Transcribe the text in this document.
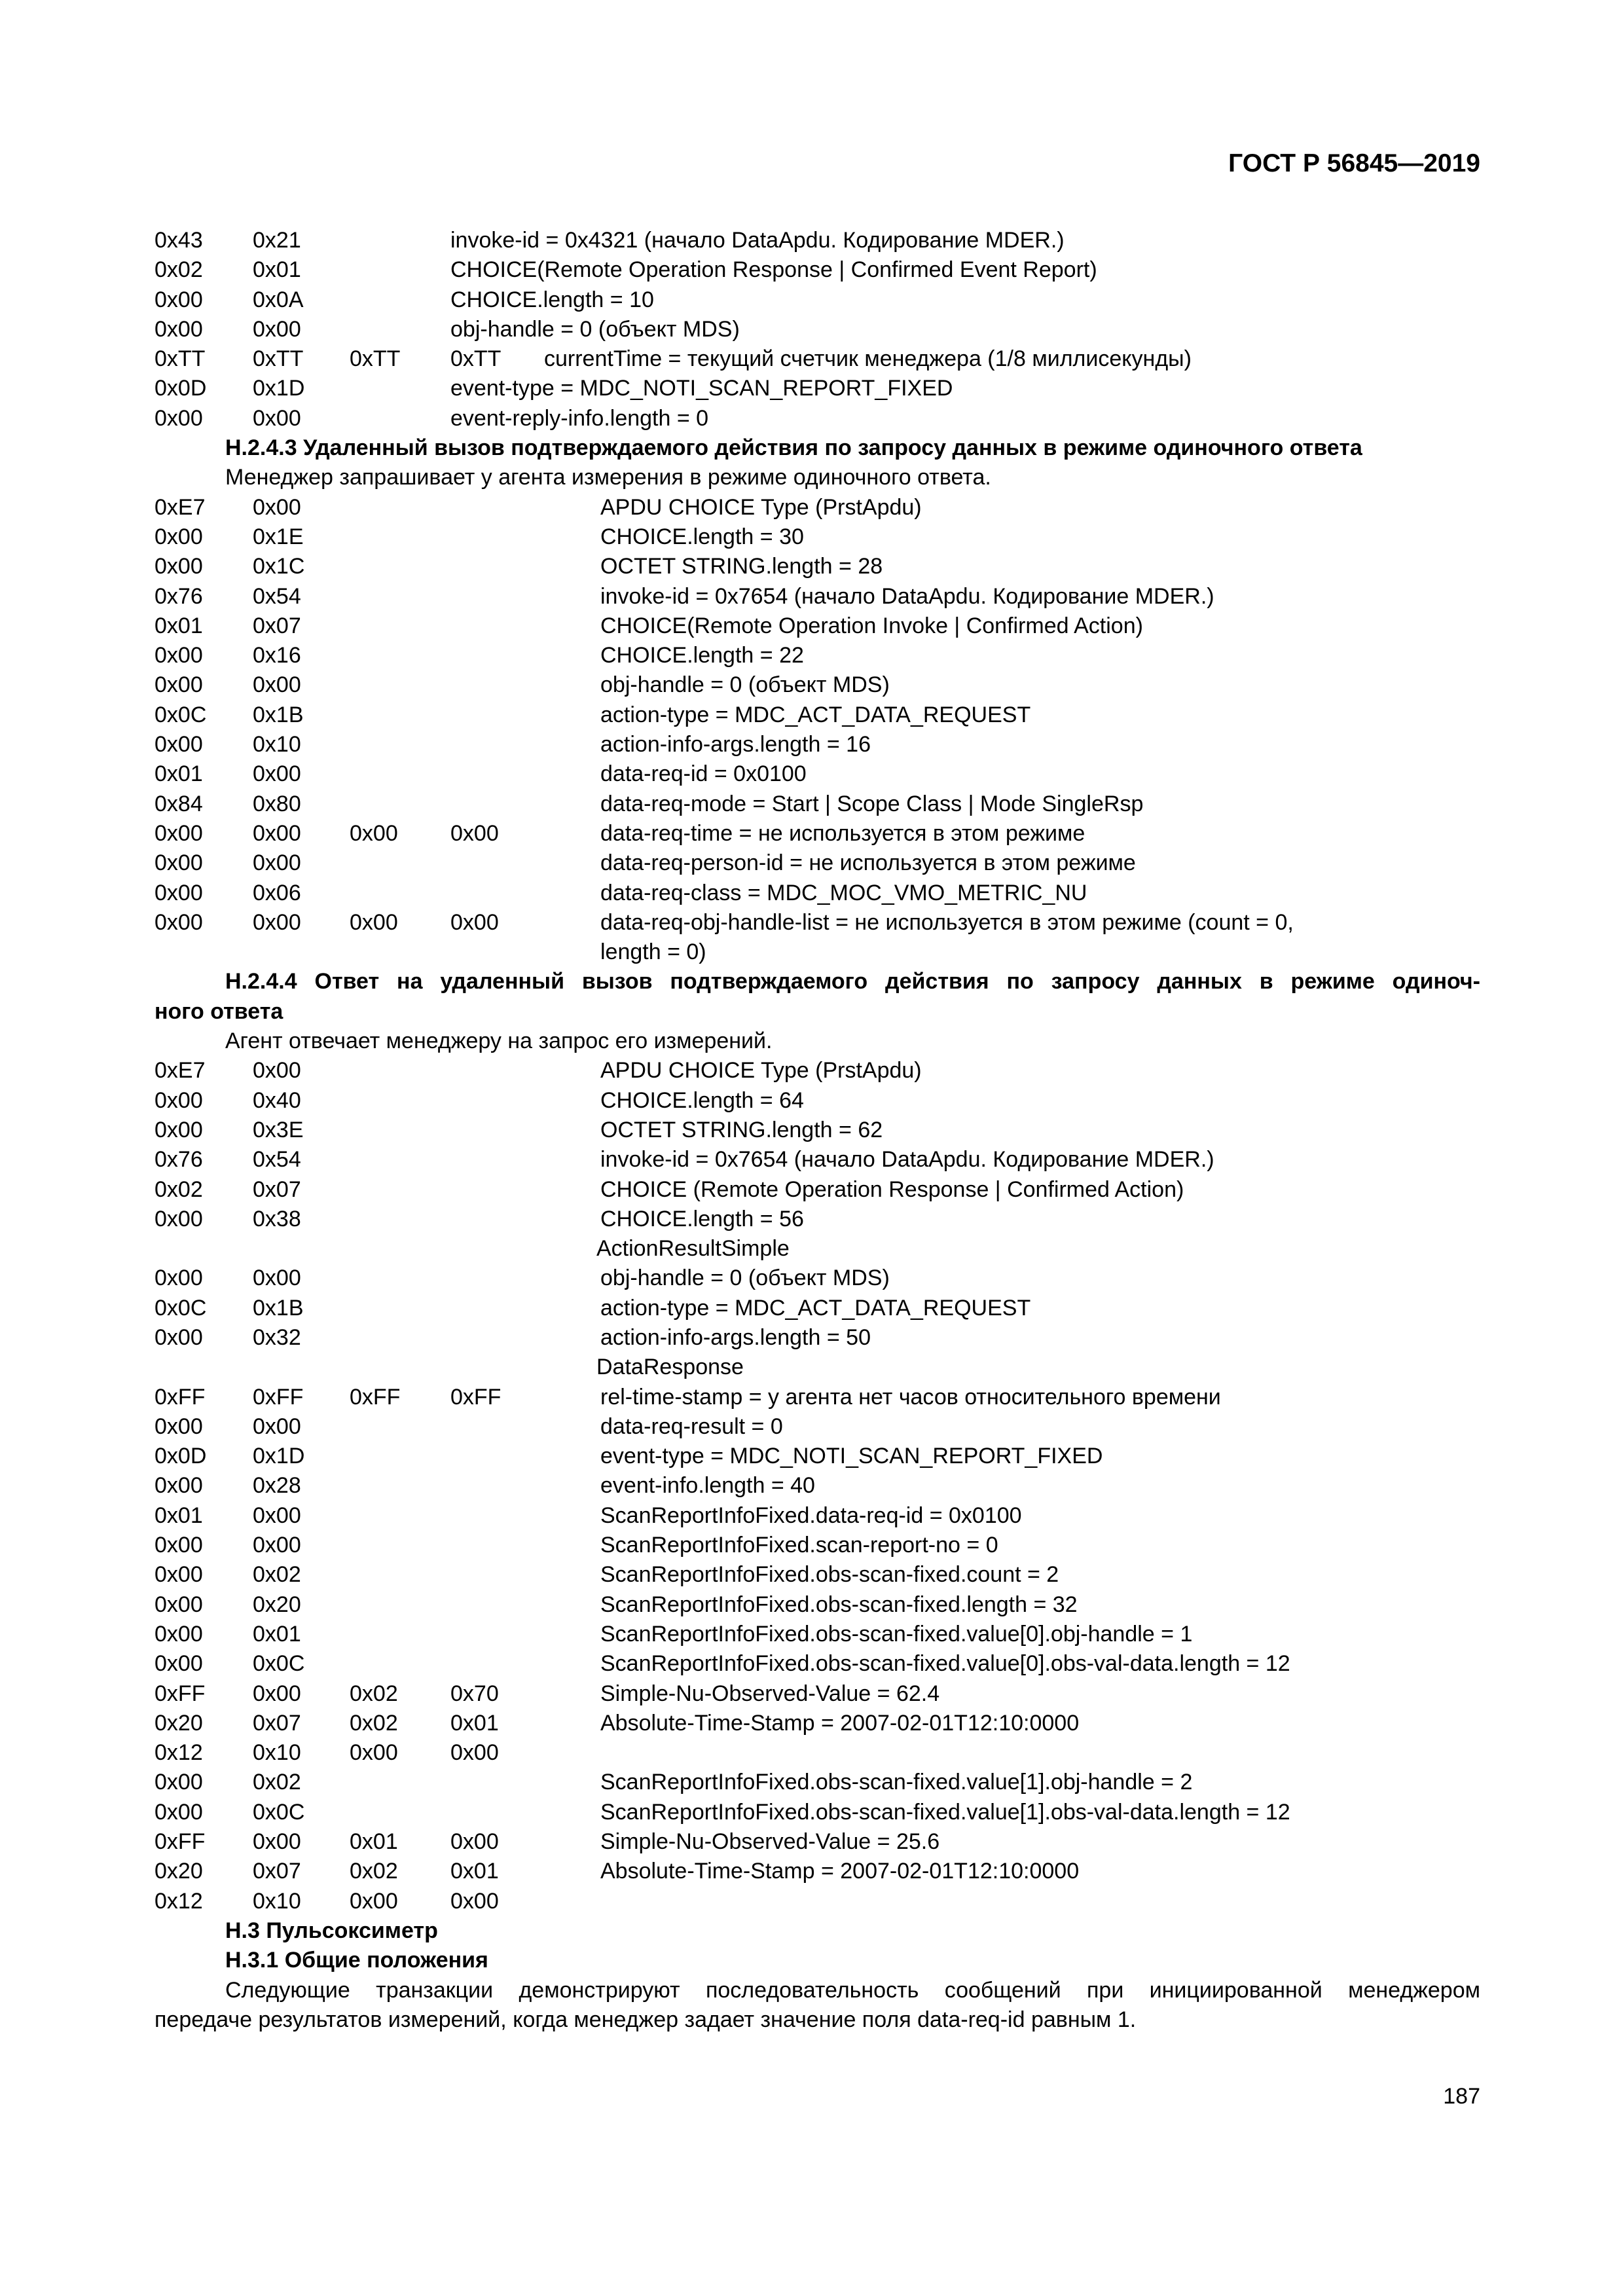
ГОСТ Р 56845—2019
0x43 0x21	invoke-id = 0x4321 (начало DataApdu. Кодирование MDER.)
0x02 0x01	CHOICE(Remote Operation Response | Confirmed Event Report)
0x00 0x0A	CHOICE.length = 10
0x00 0x00	obj-handle = 0 (объект MDS)
0xTT 0xTT 0xTT 0xTT currentTime = текущий счетчик менеджера (1/8 миллисекунды)
0x0D 0x1D	event-type = MDC_NOTI_SCAN_REPORT_FIXED
0x00 0x00	event-reply-info.length = 0
H.2.4.3 Удаленный вызов подтверждаемого действия по запросу данных в режиме одиночного ответа
Менеджер запрашивает у агента измерения в режиме одиночного ответа.
0xE7 0x00	APDU CHOICE Type (PrstApdu)
0x00 0x1E	CHOICE.length = 30
0x00 0x1C	OCTET STRING.length = 28
0x76 0x54	invoke-id = 0x7654 (начало DataApdu. Кодирование MDER.)
0x01 0x07	CHOICE(Remote Operation Invoke | Confirmed Action)
0x00 0x16	CHOICE.length = 22
0x00 0x00	obj-handle = 0 (объект MDS)
0x0C 0x1B	action-type = MDC_ACT_DATA_REQUEST
0x00 0x10	action-info-args.length = 16
0x01 0x00	data-req-id = 0x0100
0x84 0x80	data-req-mode = Start | Scope Class | Mode SingleRsp
0x00 0x00 0x00 0x00	data-req-time = не используется в этом режиме
0x00 0x00	data-req-person-id = не используется в этом режиме
0x00 0x06	data-req-class = MDC_MOC_VMO_METRIC_NU
0x00 0x00 0x00 0x00	data-req-obj-handle-list = не используется в этом режиме (count = 0,
length = 0)
H.2.4.4 Ответ на удаленный вызов подтверждаемого действия по запросу данных в режиме одиноч-
ного ответа
Агент отвечает менеджеру на запрос его измерений.
0xE7 0x00	APDU CHOICE Type (PrstApdu)
0x00 0x40	CHOICE.length = 64
0x00 0x3E	OCTET STRING.length = 62
0x76 0x54	invoke-id = 0x7654 (начало DataApdu. Кодирование MDER.)
0x02 0x07	CHOICE (Remote Operation Response | Confirmed Action)
0x00 0x38	CHOICE.length = 56
ActionResultSimple
0x00 0x00	obj-handle = 0 (объект MDS)
0x0C 0x1B	action-type = MDC_ACT_DATA_REQUEST
0x00 0x32	action-info-args.length = 50
DataResponse
0xFF 0xFF 0xFF 0xFF	rel-time-stamp = у агента нет часов относительного времени
0x00 0x00	data-req-result = 0
0x0D 0x1D	event-type = MDC_NOTI_SCAN_REPORT_FIXED
0x00 0x28	event-info.length = 40
0x01 0x00	ScanReportInfoFixed.data-req-id = 0x0100
0x00 0x00	ScanReportInfoFixed.scan-report-no = 0
0x00 0x02	ScanReportInfoFixed.obs-scan-fixed.count = 2
0x00 0x20	ScanReportInfoFixed.obs-scan-fixed.length = 32
0x00 0x01	ScanReportInfoFixed.obs-scan-fixed.value[0].obj-handle = 1
0x00 0x0C	ScanReportInfoFixed.obs-scan-fixed.value[0].obs-val-data.length = 12
0xFF 0x00 0x02 0x70	Simple-Nu-Observed-Value = 62.4
0x20 0x07 0x02 0x01	Absolute-Time-Stamp = 2007-02-01T12:10:0000
0x12 0x10 0x00 0x00
0x00 0x02	ScanReportInfoFixed.obs-scan-fixed.value[1].obj-handle = 2
0x00 0x0C	ScanReportInfoFixed.obs-scan-fixed.value[1].obs-val-data.length = 12
0xFF 0x00 0x01 0x00	Simple-Nu-Observed-Value = 25.6
0x20 0x07 0x02 0x01	Absolute-Time-Stamp = 2007-02-01T12:10:0000
0x12 0x10 0x00 0x00
H.3 Пульсоксиметр
H.3.1 Общие положения
Следующие транзакции демонстрируют последовательность сообщений при инициированной менеджером
передаче результатов измерений, когда менеджер задает значение поля data-req-id равным 1.
187
